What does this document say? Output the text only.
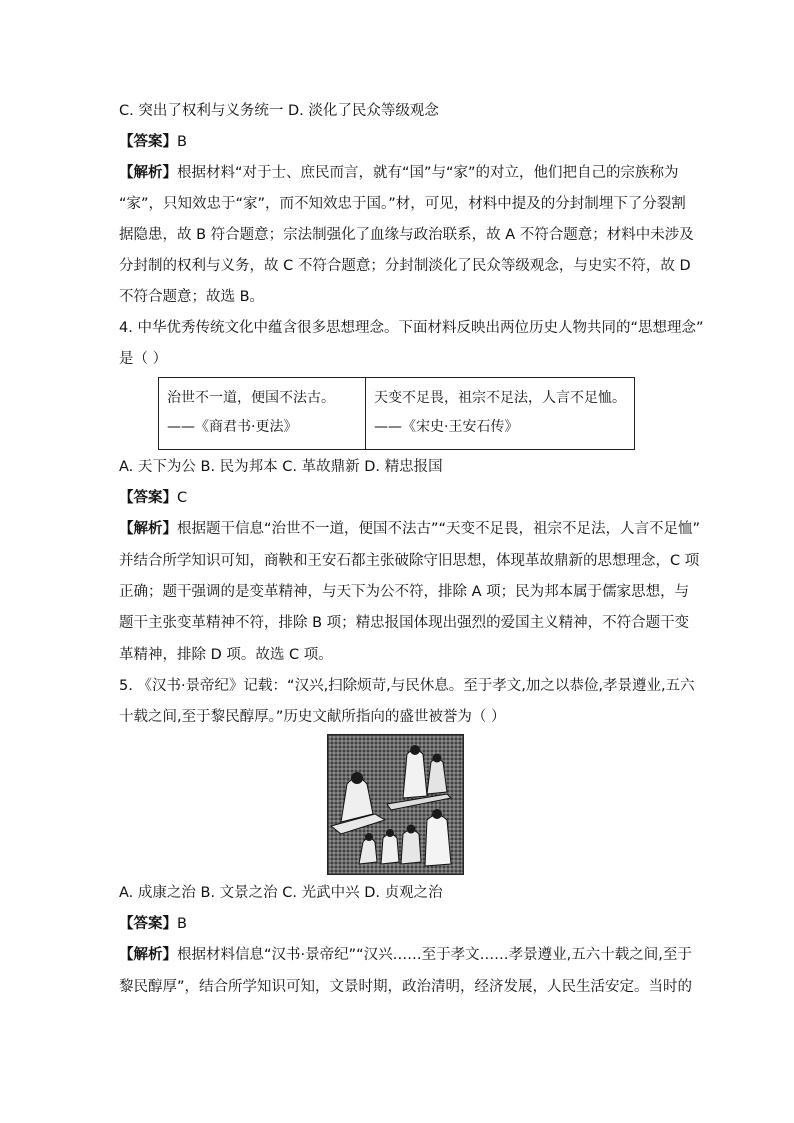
C. 突出了权利与义务统一 D. 淡化了民众等级观念
【答案】B
【解析】根据材料“对于士、庶民而言，就有“国”与“家”的对立，他们把自己的宗族称为
“家”，只知效忠于“家”，而不知效忠于国。”材，可见，材料中提及的分封制埋下了分裂割
据隐患，故 B 符合题意；宗法制强化了血缘与政治联系，故 A 不符合题意；材料中未涉及
分封制的权利与义务，故 C 不符合题意；分封制淡化了民众等级观念，与史实不符，故 D
不符合题意；故选 B。
4. 中华优秀传统文化中蕴含很多思想理念。下面材料反映出两位历史人物共同的“思想理念”
是（ ）
治世不一道，便国不法古。
——《商君书·更法》

天变不足畏，祖宗不足法，人言不足恤。
——《宋史·王安石传》
A. 天下为公 B. 民为邦本 C. 革故鼎新 D. 精忠报国
【答案】C
【解析】根据题干信息“治世不一道，便国不法古”“天变不足畏，祖宗不足法，人言不足恤”
并结合所学知识可知，商鞅和王安石都主张破除守旧思想，体现革故鼎新的思想理念，C 项
正确；题干强调的是变革精神，与天下为公不符，排除 A 项；民为邦本属于儒家思想，与
题干主张变革精神不符，排除 B 项；精忠报国体现出强烈的爱国主义精神，不符合题干变
革精神，排除 D 项。故选 C 项。
5. 《汉书·景帝纪》记载：“汉兴,扫除烦苛,与民休息。至于孝文,加之以恭俭,孝景遵业,五六
十载之间,至于黎民醇厚。”历史文献所指向的盛世被誉为（ ）
A. 成康之治 B. 文景之治 C. 光武中兴 D. 贞观之治
【答案】B
【解析】根据材料信息“汉书·景帝纪”“汉兴……至于孝文……孝景遵业,五六十载之间,至于
黎民醇厚”，结合所学知识可知，文景时期，政治清明，经济发展，人民生活安定。当时的
